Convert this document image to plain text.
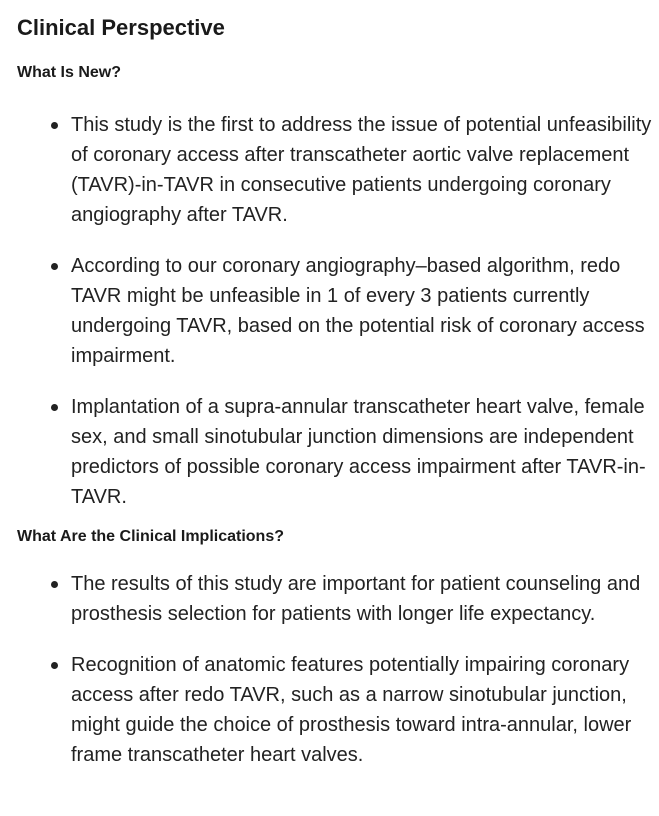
Clinical Perspective
What Is New?
This study is the first to address the issue of potential unfeasibility of coronary access after transcatheter aortic valve replacement (TAVR)-in-TAVR in consecutive patients undergoing coronary angiography after TAVR.
According to our coronary angiography–based algorithm, redo TAVR might be unfeasible in 1 of every 3 patients currently undergoing TAVR, based on the potential risk of coronary access impairment.
Implantation of a supra-annular transcatheter heart valve, female sex, and small sinotubular junction dimensions are independent predictors of possible coronary access impairment after TAVR-in-TAVR.
What Are the Clinical Implications?
The results of this study are important for patient counseling and prosthesis selection for patients with longer life expectancy.
Recognition of anatomic features potentially impairing coronary access after redo TAVR, such as a narrow sinotubular junction, might guide the choice of prosthesis toward intra-annular, lower frame transcatheter heart valves.
